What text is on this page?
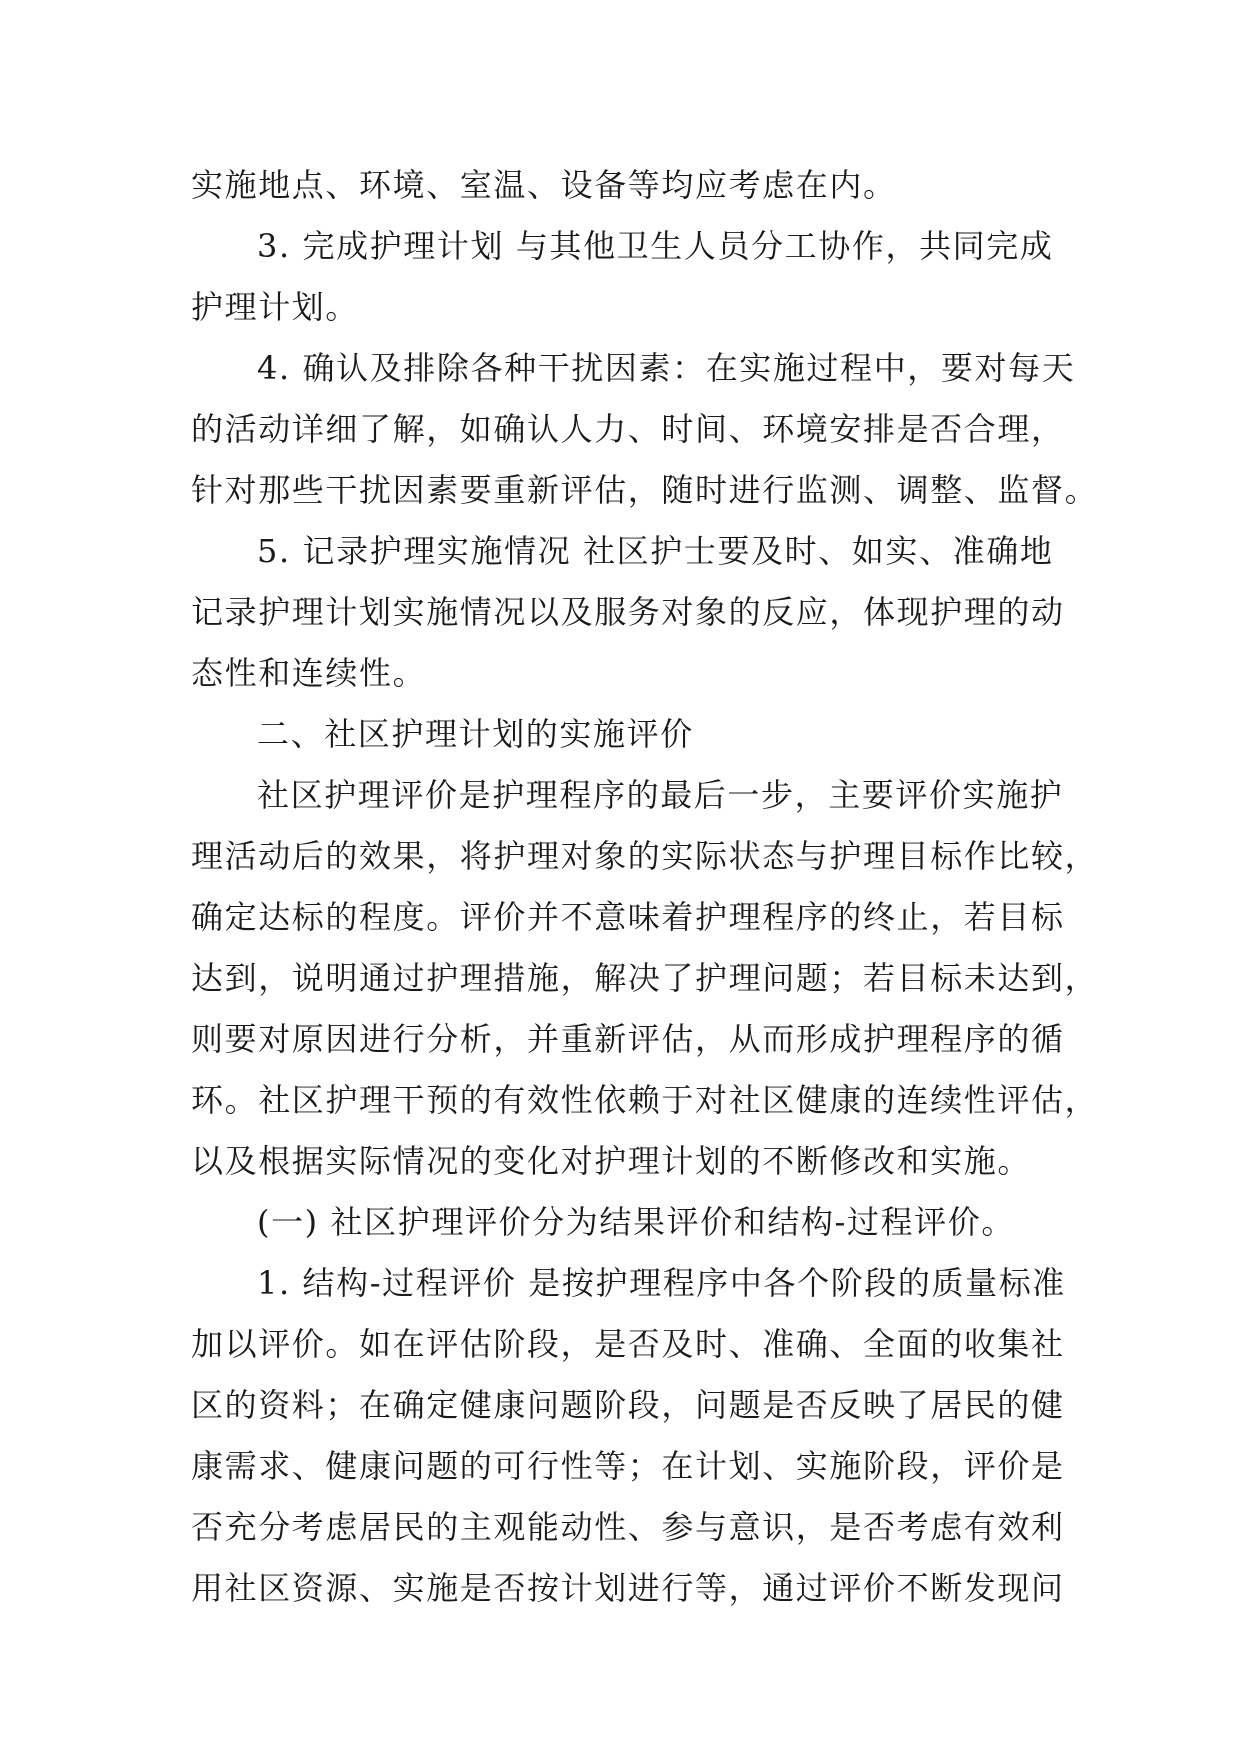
实施地点、环境、室温、设备等均应考虑在内。
3. 完成护理计划 与其他卫生人员分工协作，共同完成
护理计划。
4. 确认及排除各种干扰因素：在实施过程中，要对每天
的活动详细了解，如确认人力、时间、环境安排是否合理，
针对那些干扰因素要重新评估，随时进行监测、调整、监督。
5. 记录护理实施情况 社区护士要及时、如实、准确地
记录护理计划实施情况以及服务对象的反应，体现护理的动
态性和连续性。
二、社区护理计划的实施评价
社区护理评价是护理程序的最后一步，主要评价实施护
理活动后的效果，将护理对象的实际状态与护理目标作比较，
确定达标的程度。评价并不意味着护理程序的终止，若目标
达到，说明通过护理措施，解决了护理问题；若目标未达到，
则要对原因进行分析，并重新评估，从而形成护理程序的循
环。社区护理干预的有效性依赖于对社区健康的连续性评估，
以及根据实际情况的变化对护理计划的不断修改和实施。
(一) 社区护理评价分为结果评价和结构-过程评价。
1. 结构-过程评价 是按护理程序中各个阶段的质量标准
加以评价。如在评估阶段，是否及时、准确、全面的收集社
区的资料；在确定健康问题阶段，问题是否反映了居民的健
康需求、健康问题的可行性等；在计划、实施阶段，评价是
否充分考虑居民的主观能动性、参与意识，是否考虑有效利
用社区资源、实施是否按计划进行等，通过评价不断发现问
